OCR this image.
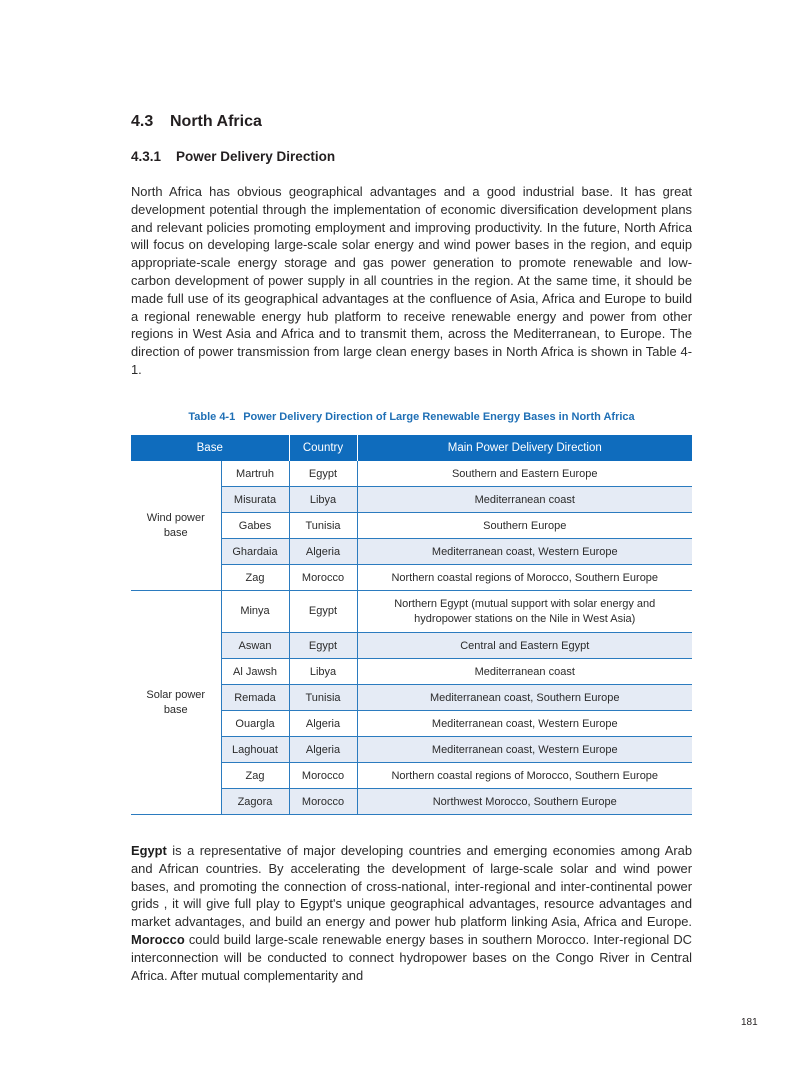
4.3 North Africa
4.3.1 Power Delivery Direction

North Africa has obvious geographical advantages and a good industrial base. It has great development potential through the implementation of economic diversification development plans and relevant policies promoting employment and improving productivity. In the future, North Africa will focus on developing large-scale solar energy and wind power bases in the region, and equip appropriate-scale energy storage and gas power generation to promote renewable and low-carbon development of power supply in all countries in the region. At the same time, it should be made full use of its geographical advantages at the confluence of Asia, Africa and Europe to build a regional renewable energy hub platform to receive renewable energy and power from other regions in West Asia and Africa and to transmit them, across the Mediterranean, to Europe. The direction of power transmission from large clean energy bases in North Africa is shown in Table 4-1.

Table 4-1 Power Delivery Direction of Large Renewable Energy Bases in North Africa

Base		Country	Main Power Delivery Direction
Wind power base	Martruh	Egypt	Southern and Eastern Europe
	Misurata	Libya	Mediterranean coast
	Gabes	Tunisia	Southern Europe
	Ghardaia	Algeria	Mediterranean coast, Western Europe
	Zag	Morocco	Northern coastal regions of Morocco, Southern Europe
Solar power base	Minya	Egypt	Northern Egypt (mutual support with solar energy and hydropower stations on the Nile in West Asia)
	Aswan	Egypt	Central and Eastern Egypt
	Al Jawsh	Libya	Mediterranean coast
	Remada	Tunisia	Mediterranean coast, Southern Europe
	Ouargla	Algeria	Mediterranean coast, Western Europe
	Laghouat	Algeria	Mediterranean coast, Western Europe
	Zag	Morocco	Northern coastal regions of Morocco, Southern Europe
	Zagora	Morocco	Northwest Morocco, Southern Europe

Egypt is a representative of major developing countries and emerging economies among Arab and African countries. By accelerating the development of large-scale solar and wind power bases, and promoting the connection of cross-national, inter-regional and inter-continental power grids , it will give full play to Egypt's unique geographical advantages, resource advantages and market advantages, and build an energy and power hub platform linking Asia, Africa and Europe. Morocco could build large-scale renewable energy bases in southern Morocco. Inter-regional DC interconnection will be conducted to connect hydropower bases on the Congo River in Central Africa. After mutual complementarity and

181
